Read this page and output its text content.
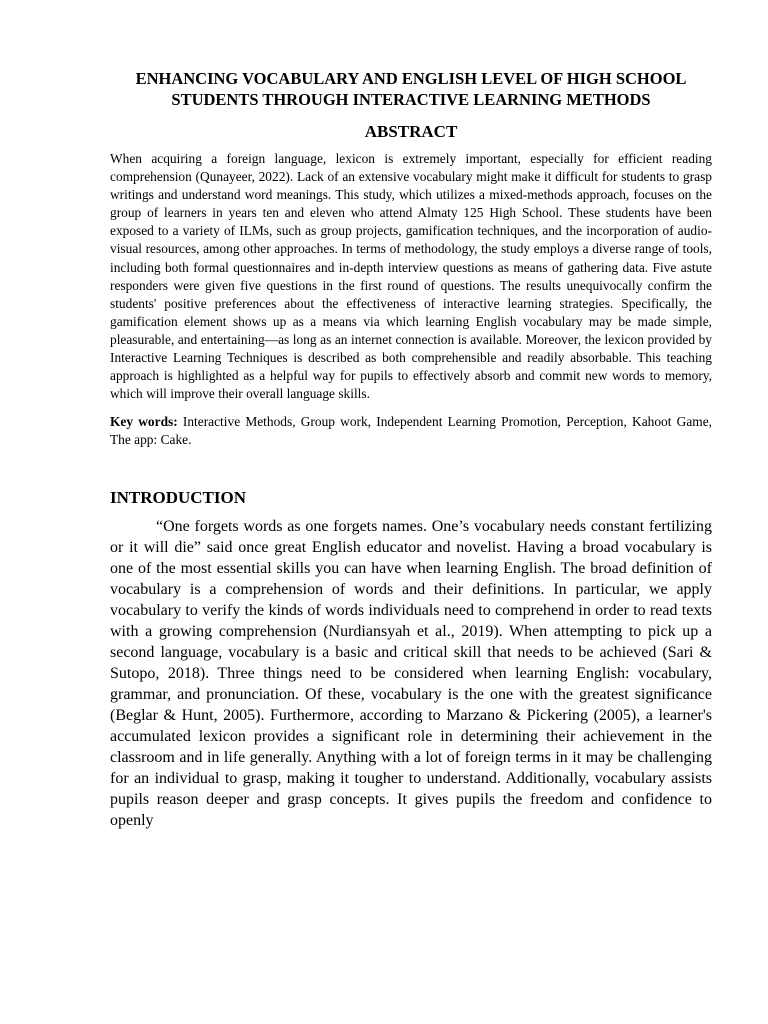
ENHANCING VOCABULARY AND ENGLISH LEVEL OF HIGH SCHOOL STUDENTS THROUGH INTERACTIVE LEARNING METHODS
ABSTRACT

When acquiring a foreign language, lexicon is extremely important, especially for efficient reading comprehension (Qunayeer, 2022). Lack of an extensive vocabulary might make it difficult for students to grasp writings and understand word meanings. This study, which utilizes a mixed-methods approach, focuses on the group of learners in years ten and eleven who attend Almaty 125 High School. These students have been exposed to a variety of ILMs, such as group projects, gamification techniques, and the incorporation of audio-visual resources, among other approaches. In terms of methodology, the study employs a diverse range of tools, including both formal questionnaires and in-depth interview questions as means of gathering data. Five astute responders were given five questions in the first round of questions. The results unequivocally confirm the students' positive preferences about the effectiveness of interactive learning strategies. Specifically, the gamification element shows up as a means via which learning English vocabulary may be made simple, pleasurable, and entertaining—as long as an internet connection is available. Moreover, the lexicon provided by Interactive Learning Techniques is described as both comprehensible and readily absorbable. This teaching approach is highlighted as a helpful way for pupils to effectively absorb and commit new words to memory, which will improve their overall language skills.

Key words: Interactive Methods, Group work, Independent Learning Promotion, Perception, Kahoot Game, The app: Cake.

INTRODUCTION

“One forgets words as one forgets names. One’s vocabulary needs constant fertilizing or it will die” said once great English educator and novelist. Having a broad vocabulary is one of the most essential skills you can have when learning English. The broad definition of vocabulary is a comprehension of words and their definitions. In particular, we apply vocabulary to verify the kinds of words individuals need to comprehend in order to read texts with a growing comprehension (Nurdiansyah et al., 2019). When attempting to pick up a second language, vocabulary is a basic and critical skill that needs to be achieved (Sari & Sutopo, 2018). Three things need to be considered when learning English: vocabulary, grammar, and pronunciation. Of these, vocabulary is the one with the greatest significance (Beglar & Hunt, 2005). Furthermore, according to Marzano & Pickering (2005), a learner's accumulated lexicon provides a significant role in determining their achievement in the classroom and in life generally. Anything with a lot of foreign terms in it may be challenging for an individual to grasp, making it tougher to understand. Additionally, vocabulary assists pupils reason deeper and grasp concepts. It gives pupils the freedom and confidence to openly
